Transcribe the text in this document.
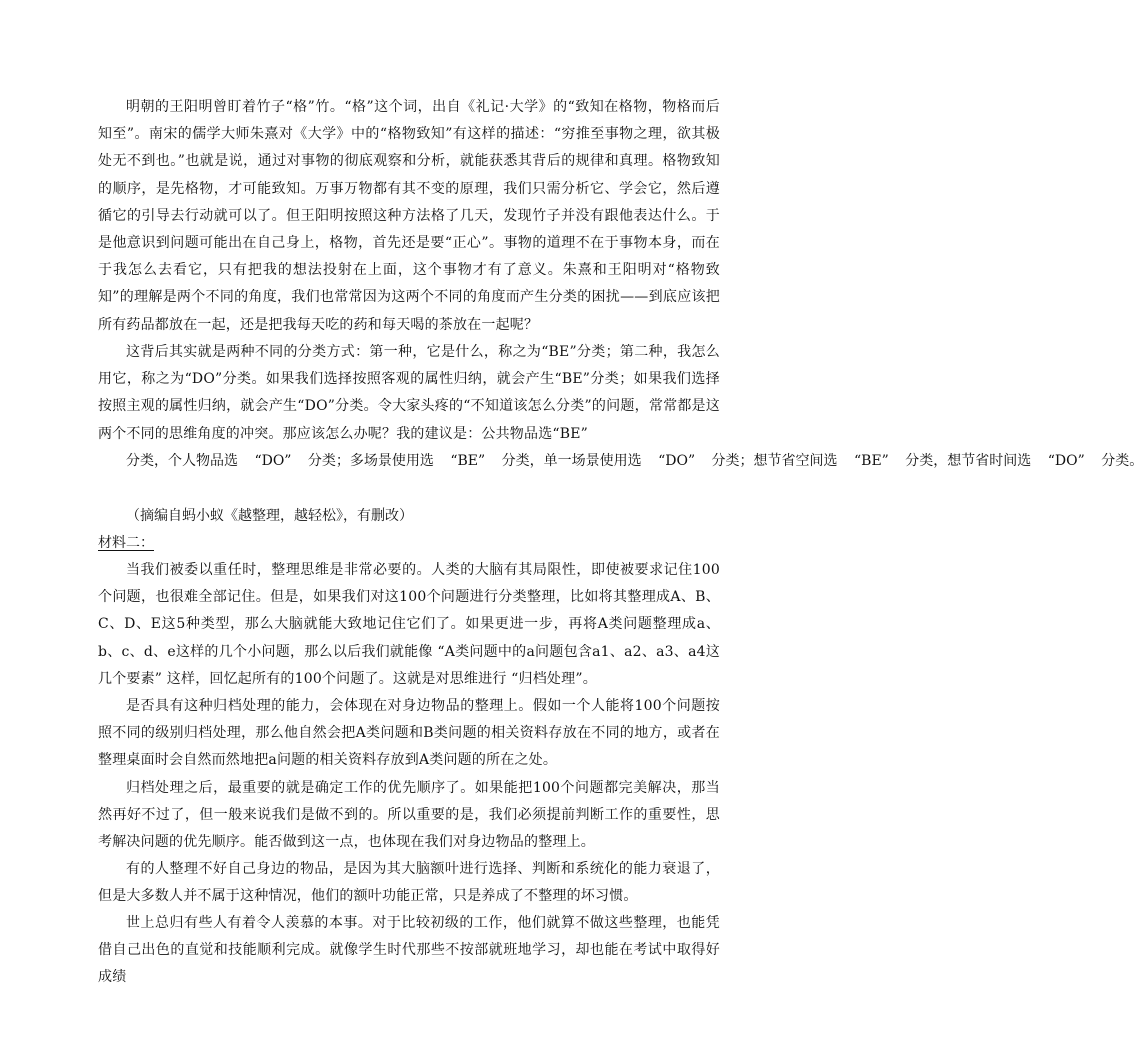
明朝的王阳明曾盯着竹子“格”竹。“格”这个词，出自《礼记·大学》的“致知在格物，物格而后知至”。南宋的儒学大师朱熹对《大学》中的“格物致知”有这样的描述：“穷推至事物之理，欲其极处无不到也。”也就是说，通过对事物的彻底观察和分析，就能获悉其背后的规律和真理。格物致知的顺序，是先格物，才可能致知。万事万物都有其不变的原理，我们只需分析它、学会它，然后遵循它的引导去行动就可以了。但王阳明按照这种方法格了几天，发现竹子并没有跟他表达什么。于是他意识到问题可能出在自己身上，格物，首先还是要“正心”。事物的道理不在于事物本身，而在于我怎么去看它，只有把我的想法投射在上面，这个事物才有了意义。朱熹和王阳明对“格物致知”的理解是两个不同的角度，我们也常常因为这两个不同的角度而产生分类的困扰——到底应该把所有药品都放在一起，还是把我每天吃的药和每天喝的茶放在一起呢？

这背后其实就是两种不同的分类方式：第一种，它是什么，称之为“BE”分类；第二种，我怎么用它，称之为“DO”分类。如果我们选择按照客观的属性归纳，就会产生“BE”分类；如果我们选择按照主观的属性归纳，就会产生“DO”分类。令大家头疼的“不知道该怎么分类”的问题，常常都是这两个不同的思维角度的冲突。那应该怎么办呢？我的建议是：公共物品选“BE”

分类，个人物品选 “DO” 分类；多场景使用选 “BE” 分类，单一场景使用选 “DO” 分类；想节省空间选 “BE” 分类，想节省时间选 “DO” 分类。

（摘编自蚂小蚁《越整理，越轻松》，有删改）

材料二：

当我们被委以重任时，整理思维是非常必要的。人类的大脑有其局限性，即使被要求记住100个问题，也很难全部记住。但是，如果我们对这100个问题进行分类整理，比如将其整理成A、B、C、D、E这5种类型，那么大脑就能大致地记住它们了。如果更进一步，再将A类问题整理成a、b、c、d、e这样的几个小问题，那么以后我们就能像 “A类问题中的a问题包含a1、a2、a3、a4这几个要素” 这样，回忆起所有的100个问题了。这就是对思维进行 “归档处理”。

是否具有这种归档处理的能力，会体现在对身边物品的整理上。假如一个人能将100个问题按照不同的级别归档处理，那么他自然会把A类问题和B类问题的相关资料存放在不同的地方，或者在整理桌面时会自然而然地把a问题的相关资料存放到A类问题的所在之处。

归档处理之后，最重要的就是确定工作的优先顺序了。如果能把100个问题都完美解决，那当然再好不过了，但一般来说我们是做不到的。所以重要的是，我们必须提前判断工作的重要性，思考解决问题的优先顺序。能否做到这一点，也体现在我们对身边物品的整理上。

有的人整理不好自己身边的物品，是因为其大脑额叶进行选择、判断和系统化的能力衰退了，但是大多数人并不属于这种情况，他们的额叶功能正常，只是养成了不整理的坏习惯。

世上总归有些人有着令人羡慕的本事。对于比较初级的工作，他们就算不做这些整理，也能凭借自己出色的直觉和技能顺利完成。就像学生时代那些不按部就班地学习，却也能在考试中取得好成绩
